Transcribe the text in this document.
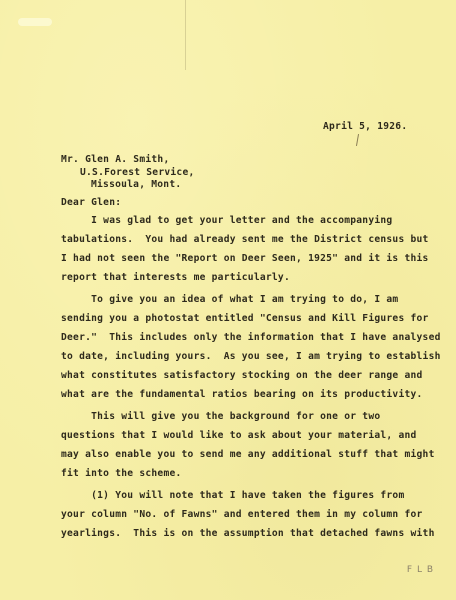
April 5, 1926.
Mr. Glen A. Smith,
U.S.Forest Service,
Missoula, Mont.
Dear Glen:
I was glad to get your letter and the accompanying
tabulations.  You had already sent me the District census but
I had not seen the "Report on Deer Seen, 1925" and it is this
report that interests me particularly.
To give you an idea of what I am trying to do, I am
sending you a photostat entitled "Census and Kill Figures for
Deer."  This includes only the information that I have analysed
to date, including yours.  As you see, I am trying to establish
what constitutes satisfactory stocking on the deer range and
what are the fundamental ratios bearing on its productivity.
This will give you the background for one or two
questions that I would like to ask about your material, and
may also enable you to send me any additional stuff that might
fit into the scheme.
(1) You will note that I have taken the figures from
your column "No. of Fawns" and entered them in my column for
yearlings.  This is on the assumption that detached fawns with
F L B
